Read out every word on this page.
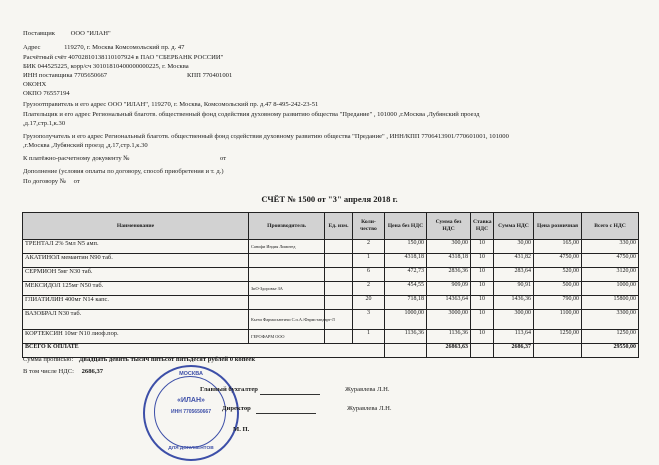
Поставщик ООО "ИЛАН"
Адрес	119270, г. Москва Комсомольский пр. д. 47
Расчётный счёт 40702810138110107924 в ПАО "СБЕРБАНК РОССИИ"
БИК 044525225, корр/сч 30101810400000000225, г. Москва
ИНН поставщика 7705650667	КПП 770401001
ОКОНХ
ОКПО 76557194
Грузоотправитель и его адрес ООО "ИЛАН", 119270, г. Москва, Комсомольский пр. д.47 8-495-242-23-51
Плательщик и его адрес Региональный благотв. общественный фонд содействия духовному развитию общества "Предание" , 101000 ,г.Москва ,Лубянский проезд
,д.17,стр.1,к.30
Грузополучатель и его адрес Региональный благотв. общественный фонд содействия духовному развитию общества "Предание" , ИНН/КПП 7706413901/770601001, 101000
,г.Москва ,Лубянский проезд ,д.17,стр.1,к.30
К платёжно-расчетному документу №	от
Дополнение (условия оплаты по договору, способ приобретения и т. д.)
По договору № от
СЧЁТ № 1500 от "3" апреля 2018 г.
Наименование	Производитель	Ед. изм.	Коли-чество	Цена без НДС	Сумма без НДС	Ставка НДС	Сумма НДС	Цена розничная	Всего с НДС
ТРЕНТАЛ 2% 5мл N5 амп.	Санофи Индия Лимитед		2	150,00	300,00	10	30,00	165,00	330,00
АКАТИНОЛ мемантин N90 таб.			1	4318,18	4318,18	10	431,82	4750,00	4750,00
СЕРМИОН 5мг N30 таб.			6	472,73	2836,36	10	283,64	520,00	3120,00
МЕКСИДОЛ 125мг N50 таб.	ЗиО-Здоровье ЗА		2	454,55	909,09	10	90,91	500,00	1000,00
ГЛИАТИЛИН 400мг N14 капс.			20	718,18	14363,64	10	1436,36	790,00	15800,00
ВАЗОБРАЛ N30 таб.	Кьези Фармасьютичи С.п.А./Фармстандарт-Л		3	1000,00	3000,00	10	300,00	1100,00	3300,00
КОРТЕКСИН 10мг N10 лиоф.пор.	ГЕРОФАРМ ООО		1	1136,36	1136,36	10	113,64	1250,00	1250,00
ВСЕГО К ОПЛАТЕ					26863,63		2686,37		29550,00
Сумма прописью: Двадцать девять тысяч пятьсот пятьдесят рублей 0 копеек
В том числе НДС: 2686,37	МОСКВА
«ИЛАН»
ИНН 7705650667
ДЛЯ ДОКУМЕНТОВ
Главный бухгалтер	Журавлева Л.Н.
Директор	Журавлева Л.Н.
М. П.
